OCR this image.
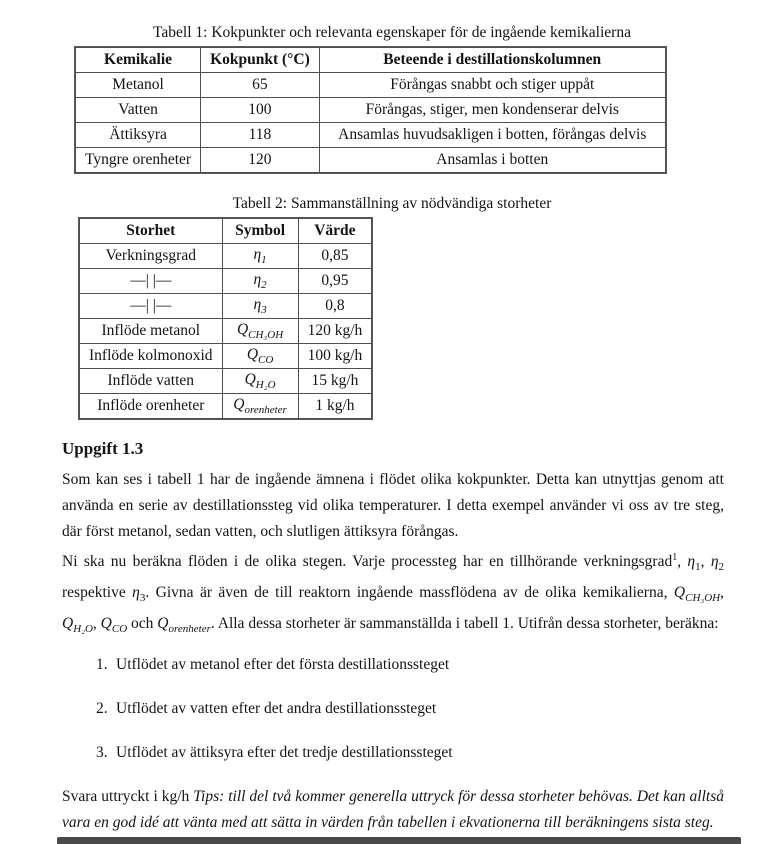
Tabell 1: Kokpunkter och relevanta egenskaper för de ingående kemikalierna
Kemikalie	Kokpunkt (°C)	Beteende i destillationskolumnen
Metanol	65	Förångas snabbt och stiger uppåt
Vatten	100	Förångas, stiger, men kondenserar delvis
Ättiksyra	118	Ansamlas huvudsakligen i botten, förångas delvis
Tyngre orenheter	120	Ansamlas i botten
Tabell 2: Sammanställning av nödvändiga storheter
Storhet	Symbol	Värde
Verkningsgrad	$\eta_1$	0,85
—| |—	$\eta_2$	0,95
—| |—	$\eta_3$	0,8
Inflöde metanol	$Q_{CH_3OH}$	120 kg/h
Inflöde kolmonoxid	$Q_{CO}$	100 kg/h
Inflöde vatten	$Q_{H_2O}$	15 kg/h
Inflöde orenheter	$Q_{orenheter}$	1 kg/h
Uppgift 1.3

Som kan ses i tabell 1 har de ingående ämnena i flödet olika kokpunkter. Detta kan utnyttjas genom att använda en serie av destillationssteg vid olika temperaturer. I detta exempel använder vi oss av tre steg, där först metanol, sedan vatten, och slutligen ättiksyra förångas.

Ni ska nu beräkna flöden i de olika stegen. Varje processteg har en tillhörande verkningsgrad$^1$, $\eta_1$, $\eta_2$ respektive $\eta_3$. Givna är även de till reaktorn ingående massflödena av de olika kemikalierna, $Q_{CH_3OH}$, $Q_{H_2O}$, $Q_{CO}$ och $Q_{orenheter}$. Alla dessa storheter är sammanställda i tabell 1. Utifrån dessa storheter, beräkna:

1. Utflödet av metanol efter det första destillationssteget
2. Utflödet av vatten efter det andra destillationssteget
3. Utflödet av ättiksyra efter det tredje destillationssteget

Svara uttryckt i kg/h Tips: till del två kommer generella uttryck för dessa storheter behövas. Det kan alltså vara en god idé att vänta med att sätta in värden från tabellen i ekvationerna till beräkningens sista steg.
